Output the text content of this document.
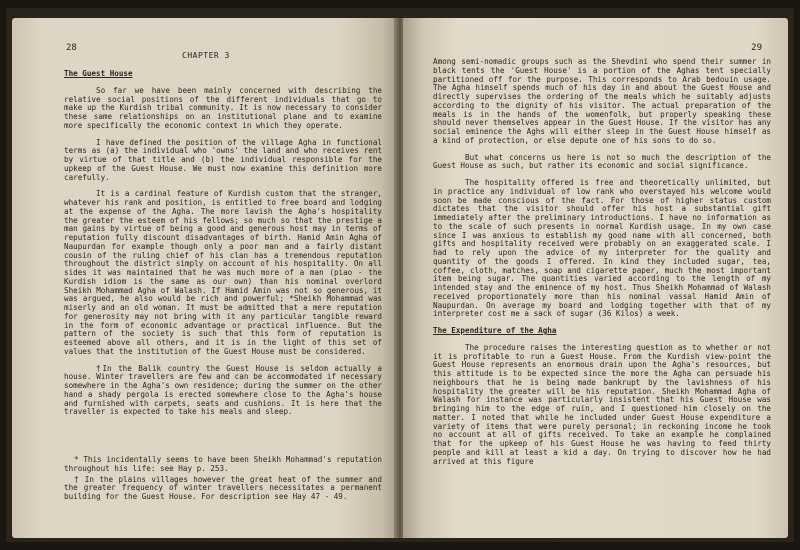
28
CHAPTER 3

The Guest House

So far we have been mainly concerned with describing the relative social positions of the different individuals that go to make up the Kurdish tribal community. It is now necessary to consider these same relationships on an institutional plane and to examine more specifically the economic context in which they operate.

I have defined the position of the village Agha in functional terms as (a) the individual who 'owns' the land and who receives rent by virtue of that title and (b) the individual responsible for the upkeep of the Guest House. We must now examine this definition more carefully.

It is a cardinal feature of Kurdish custom that the stranger, whatever his rank and position, is entitled to free board and lodging at the expense of the Agha. The more lavish the Agha's hospitality the greater the esteem of his fellows; so much so that the prestige a man gains by virtue of being a good and generous host may in terms of reputation fully discount disadvantages of birth. Hamid Amin Agha of Naupurdan for example though only a poor man and a fairly distant cousin of the ruling chief of his clan has a tremendous reputation throughout the district simply on account of his hospitality. On all sides it was maintained that he was much more of a man (piao - the Kurdish idiom is the same as our own) than his nominal overlord Sheikh Mohammad Agha of Walash. If Hamid Amin was not so generous, it was argued, he also would be rich and powerful; *Sheikh Mohammad was miserly and an old woman. It must be admitted that a mere reputation for generosity may not bring with it any particular tangible reward in the form of economic advantage or practical influence. But the pattern of the society is such that this form of reputation is esteemed above all others, and it is in the light of this set of values that the institution of the Guest House must be considered.

†In the Balik country the Guest House is seldom actually a house. Winter travellers are few and can be accommodated if necessary somewhere in the Agha's own residence; during the summer on the other hand a shady pergola is erected somewhere close to the Agha's house and furnished with carpets, seats and cushions. It is here that the traveller is expected to take his meals and sleep.

* This incidentally seems to have been Sheikh Mohammad's reputation throughout his life: see Hay p. 253.

† In the plains villages however the great heat of the summer and the greater frequency of winter travellers necessitates a permanent building for the Guest House. For description see Hay 47 - 49.

29

Among semi-nomadic groups such as the Shevdini who spend their summer in black tents the 'Guest House' is a portion of the Aghas tent specially partitioned off for the purpose. This corresponds to Arab bedouin usage. The Agha himself spends much of his day in and about the Guest House and directly supervises the ordering of the meals which he suitably adjusts according to the dignity of his visitor. The actual preparation of the meals is in the hands of the womenfolk, but properly speaking these should never themselves appear in the Guest House. If the visitor has any social eminence the Aghs will either sleep in the Guest House himself as a kind of protection, or else depute one of his sons to do so.

But what concerns us here is not so much the description of the Guest House as such, but rather its economic and social significance.

The hospitality offered is free and theoretically unlimited, but in practice any individual of low rank who overstayed his welcome would soon be made conscious of the fact. For those of higher status custom dictates that the visitor should offer his host a substantial gift immediately after the preliminary introductions. I have no information as to the scale of such presents in normal Kurdish usage. In my own case since I was anxious to establish my good name with all concerned, both gifts and hospitality received were probably on an exaggerated scale. I had to rely upon the advice of my interpreter for the quality and quantity of the goods I offered. In kind they included sugar, tea, coffee, cloth, matches, soap and cigarette paper, much the most important item being sugar. The quantities varied according to the length of my intended stay and the eminence of my host. Thus Sheikh Mohammad of Walash received proportionately more than his nominal vassal Hamid Amin of Naupurdan. On average my board and lodging together with that of my interpreter cost me a sack of sugar (36 Kilos) a week.

The Expenditure of the Agha

The procedure raises the interesting question as to whether or not it is profitable to run a Guest House. From the Kurdish view-point the Guest House represents an enormous drain upon the Agha's resources, but this attitude is to be expected since the more the Agha can persuade his neighbours that he is being made bankrupt by the lavishness of his hospitality the greater will be his reputation. Sheikh Mohammad Agha of Walash for instance was particularly insistent that his Guest House was bringing him to the edge of ruin, and I questioned him closely on the matter. I noted that while he included under Guest House expenditure a variety of items that were purely personal; in reckoning income he took no account at all of gifts received. To take an example he complained that for the upkeep of his Guest House he was having to feed thirty people and kill at least a kid a day. On trying to discover how he had arrived at this figure
